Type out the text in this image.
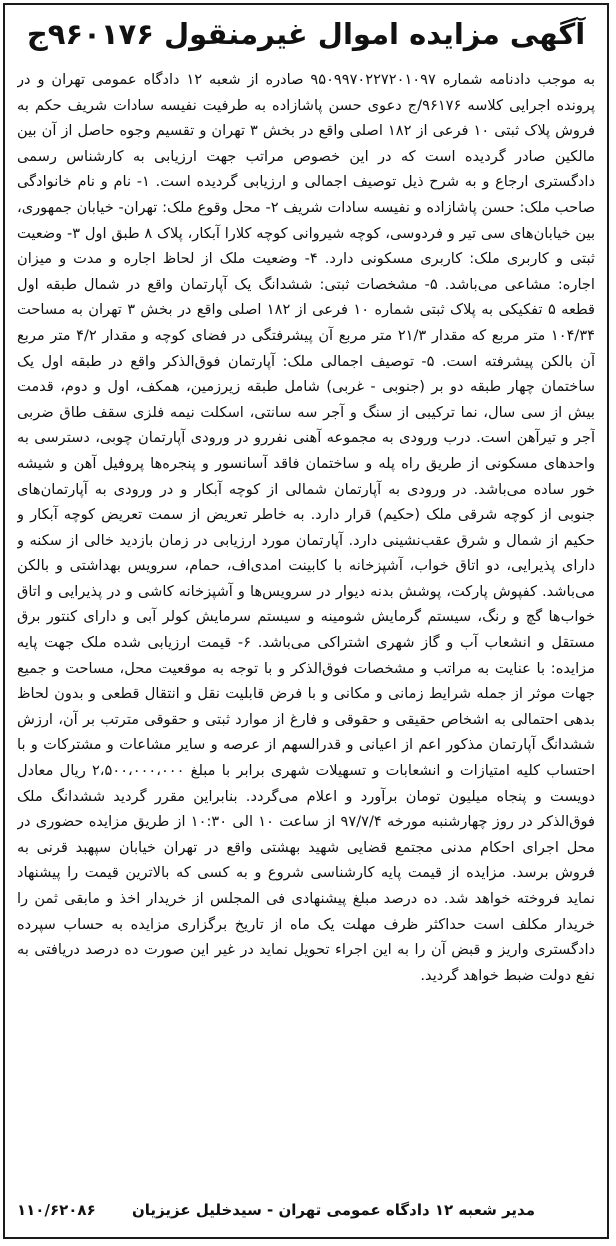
آگهی مزایده اموال غیرمنقول ۹۶۰۱۷۶ج

به موجب دادنامه شماره ۹۵۰۹۹۷۰۲۲۷۲۰۱۰۹۷ صادره از شعبه ۱۲ دادگاه عمومی تهران و در پرونده اجرایی کلاسه ۹۶۱۷۶/ج دعوی حسن پاشازاده به طرفیت نفیسه سادات شریف حکم به فروش پلاک ثبتی ۱۰ فرعی از ۱۸۲ اصلی واقع در بخش ۳ تهران و تقسیم وجوه حاصل از آن بین مالکین صادر گردیده است که در این خصوص مراتب جهت ارزیابی به کارشناس رسمی دادگستری ارجاع و به شرح ذیل توصیف اجمالی و ارزیابی گردیده است. ۱- نام و نام خانوادگی صاحب ملک: حسن پاشازاده و نفیسه سادات شریف ۲- محل وقوع ملک: تهران- خیابان جمهوری، بین خیابان‌های سی تیر و فردوسی، کوچه شیروانی کوچه کلارا آبکار، پلاک ۸ طبق اول ۳- وضعیت ثبتی و کاربری ملک: کاربری مسکونی دارد. ۴- وضعیت ملک از لحاظ اجاره و مدت و میزان اجاره: مشاعی می‌باشد. ۵- مشخصات ثبتی: ششدانگ یک آپارتمان واقع در شمال طبقه اول قطعه ۵ تفکیکی به پلاک ثبتی شماره ۱۰ فرعی از ۱۸۲ اصلی واقع در بخش ۳ تهران به مساحت ۱۰۴/۳۴ متر مربع که مقدار ۲۱/۳ متر مربع آن پیشرفتگی در فضای کوچه و مقدار ۴/۲ متر مربع آن بالکن پیشرفته است. ۵- توصیف اجمالی ملک: آپارتمان فوق‌الذکر واقع در طبقه اول یک ساختمان چهار طبقه دو بر (جنوبی - غربی) شامل طبقه زیرزمین، همکف، اول و دوم، قدمت بیش از سی سال، نما ترکیبی از سنگ و آجر سه سانتی، اسکلت نیمه فلزی سقف طاق ضربی آجر و تیرآهن است. درب ورودی به مجموعه آهنی نفررو در ورودی آپارتمان چوبی، دسترسی به واحدهای مسکونی از طریق راه پله و ساختمان فاقد آسانسور و پنجره‌ها پروفیل آهن و شیشه خور ساده می‌باشد. در ورودی به آپارتمان شمالی از کوچه آبکار و در ورودی به آپارتمان‌های جنوبی از کوچه شرقی ملک (حکیم) قرار دارد. به خاطر تعریض از سمت تعریض کوچه آبکار و حکیم از شمال و شرق عقب‌نشینی دارد. آپارتمان مورد ارزیابی در زمان بازدید خالی از سکنه و دارای پذیرایی، دو اتاق خواب، آشپزخانه با کابینت امدی‌اف، حمام، سرویس بهداشتی و بالکن می‌باشد. کفپوش پارکت، پوشش بدنه دیوار در سرویس‌ها و آشپزخانه کاشی و در پذیرایی و اتاق خواب‌ها گچ و رنگ، سیستم گرمایش شومینه و سیستم سرمایش کولر آبی و دارای کنتور برق مستقل و انشعاب آب و گاز شهری اشتراکی می‌باشد. ۶- قیمت ارزیابی شده ملک جهت پایه مزایده: با عنایت به مراتب و مشخصات فوق‌الذکر و با توجه به موقعیت محل، مساحت و جمیع جهات موثر از جمله شرایط زمانی و مکانی و با فرض قابلیت نقل و انتقال قطعی و بدون لحاظ بدهی احتمالی به اشخاص حقیقی و حقوقی و فارغ از موارد ثبتی و حقوقی مترتب بر آن، ارزش ششدانگ آپارتمان مذکور اعم از اعیانی و قدرالسهم از عرصه و سایر مشاعات و مشترکات و با احتساب کلیه امتیازات و انشعابات و تسهیلات شهری برابر با مبلغ ۲،۵۰۰،۰۰۰،۰۰۰ ریال معادل دویست و پنجاه میلیون تومان برآورد و اعلام می‌گردد. بنابراین مقرر گردید ششدانگ ملک فوق‌الذکر در روز چهارشنبه مورخه ۹۷/۷/۴ از ساعت ۱۰ الی ۱۰:۳۰ از طریق مزایده حضوری در محل اجرای احکام مدنی مجتمع قضایی شهید بهشتی واقع در تهران خیابان سپهبد قرنی به فروش برسد. مزایده از قیمت پایه کارشناسی شروع و به کسی که بالاترین قیمت را پیشنهاد نماید فروخته خواهد شد. ده درصد مبلغ پیشنهادی فی المجلس از خریدار اخذ و مابقی ثمن را خریدار مکلف است حداکثر ظرف مهلت یک ماه از تاریخ برگزاری مزایده به حساب سپرده دادگستری واریز و قبض آن را به این اجراء تحویل نماید در غیر این صورت ده درصد دریافتی به نفع دولت ضبط خواهد گردید.

مدیر شعبه ۱۲ دادگاه عمومی تهران - سیدخلیل عزیزیان
۱۱۰/۶۲۰۸۶
